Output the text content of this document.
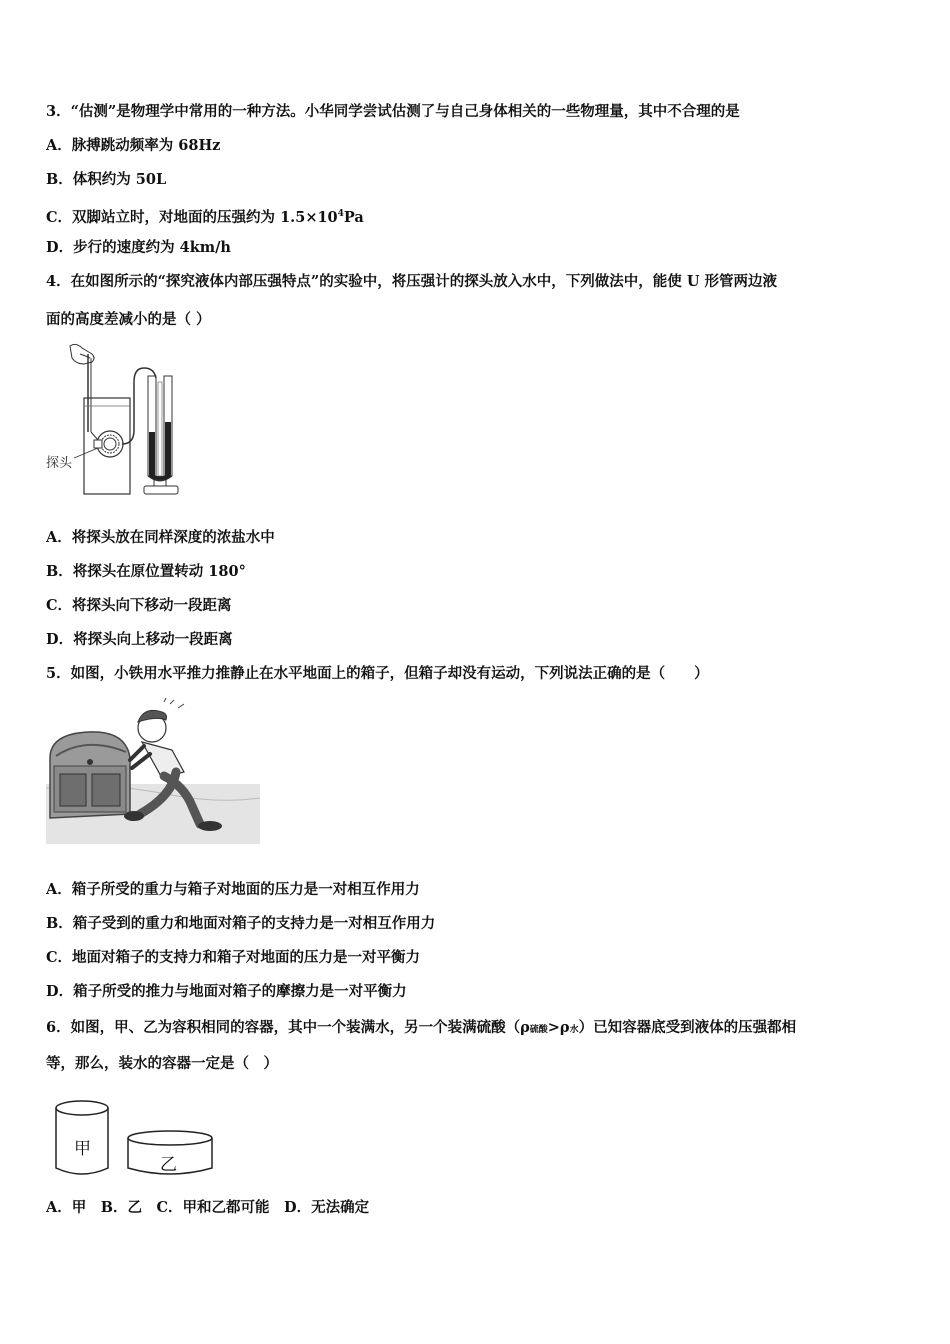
3．“估测”是物理学中常用的一种方法。小华同学尝试估测了与自己身体相关的一些物理量，其中不合理的是
A．脉搏跳动频率为 68Hz
B．体积约为 50L
C．双脚站立时，对地面的压强约为 $1.5\times 10^4Pa$
D．步行的速度约为 4km/h
4．在如图所示的“探究液体内部压强特点”的实验中，将压强计的探头放入水中，下列做法中，能使 U 形管两边液
面的高度差减小的是（ ）
探头
A．将探头放在同样深度的浓盐水中
B．将探头在原位置转动 180°
C．将探头向下移动一段距离
D．将探头向上移动一段距离
5．如图，小铁用水平推力推静止在水平地面上的箱子，但箱子却没有运动，下列说法正确的是（　　）
A．箱子所受的重力与箱子对地面的压力是一对相互作用力
B．箱子受到的重力和地面对箱子的支持力是一对相互作用力
C．地面对箱子的支持力和箱子对地面的压力是一对平衡力
D．箱子所受的推力与地面对箱子的摩擦力是一对平衡力
6．如图，甲、乙为容积相同的容器，其中一个装满水，另一个装满硫酸（ρ硫酸>ρ水）已知容器底受到液体的压强都相
等，那么，装水的容器一定是（　）
甲
乙
A．甲　B．乙　C．甲和乙都可能　D．无法确定
